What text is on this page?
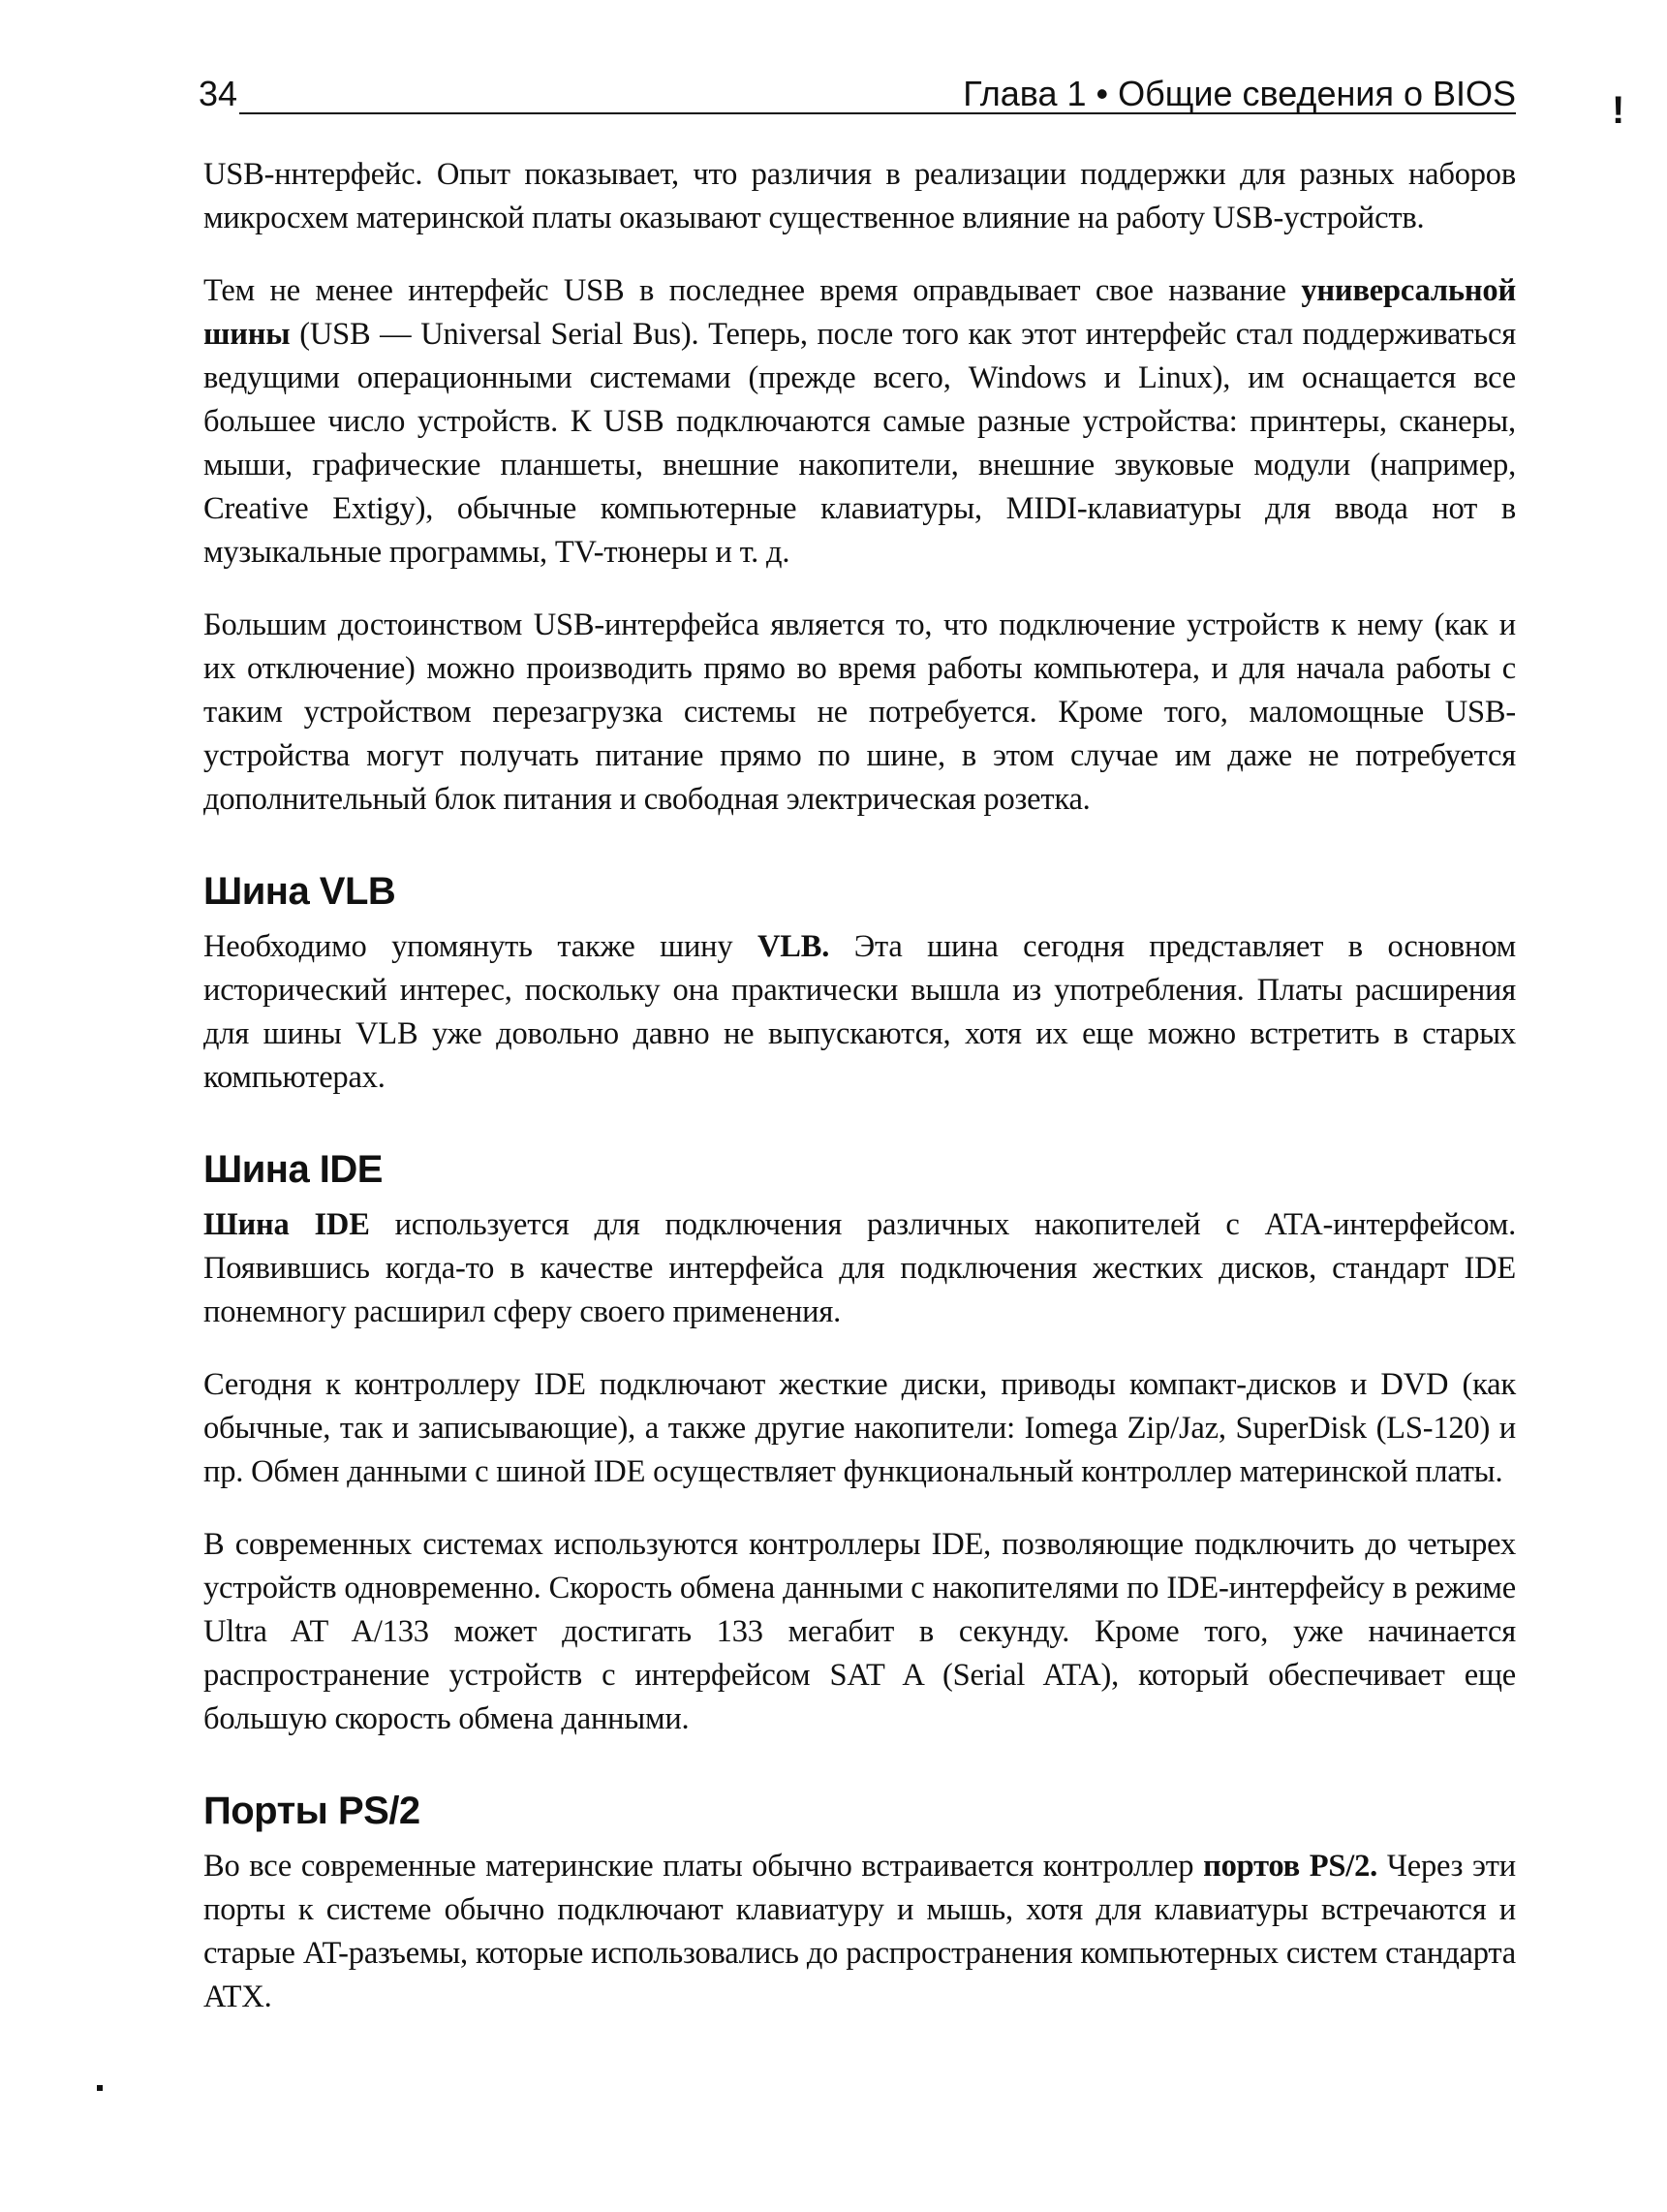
34	Глава 1 • Общие сведения о BIOS !

USB-ннтерфейс. Опыт показывает, что различия в реализации поддержки для разных наборов микросхем материнской платы оказывают существенное влияние на работу USB-устройств.

Тем не менее интерфейс USB в последнее время оправдывает свое название универсальной шины (USB — Universal Serial Bus). Теперь, после того как этот интерфейс стал поддерживаться ведущими операционными системами (прежде всего, Windows и Linux), им оснащается все большее число устройств. К USB подключаются самые разные устройства: принтеры, сканеры, мыши, графические планшеты, внешние накопители, внешние звуковые модули (например, Creative Extigy), обычные компьютерные клавиатуры, MIDI-клавиатуры для ввода нот в музыкальные программы, TV-тюнеры и т. д.

Большим достоинством USB-интерфейса является то, что подключение устройств к нему (как и их отключение) можно производить прямо во время работы компьютера, и для начала работы с таким устройством перезагрузка системы не потребуется. Кроме того, маломощные USB-устройства могут получать питание прямо по шине, в этом случае им даже не потребуется дополнительный блок питания и свободная электрическая розетка.

Шина VLB

Необходимо упомянуть также шину VLB. Эта шина сегодня представляет в основном исторический интерес, поскольку она практически вышла из употребления. Платы расширения для шины VLB уже довольно давно не выпускаются, хотя их еще можно встретить в старых компьютерах.

Шина IDE

Шина IDE используется для подключения различных накопителей с ATA-интерфейсом. Появившись когда-то в качестве интерфейса для подключения жестких дисков, стандарт IDE понемногу расширил сферу своего применения.

Сегодня к контроллеру IDE подключают жесткие диски, приводы компакт-дисков и DVD (как обычные, так и записывающие), а также другие накопители: Iomega Zip/Jaz, SuperDisk (LS-120) и пр. Обмен данными с шиной IDE осуществляет функциональный контроллер материнской платы.

В современных системах используются контроллеры IDE, позволяющие подключить до четырех устройств одновременно. Скорость обмена данными с накопителями по IDE-интерфейсу в режиме Ultra AT A/133 может достигать 133 мегабит в секунду. Кроме того, уже начинается распространение устройств с интерфейсом SAT A (Serial ATA), который обеспечивает еще большую скорость обмена данными.

Порты PS/2

Во все современные материнские платы обычно встраивается контроллер портов PS/2. Через эти порты к системе обычно подключают клавиатуру и мышь, хотя для клавиатуры встречаются и старые AT-разъемы, которые использовались до распространения компьютерных систем стандарта ATX.
